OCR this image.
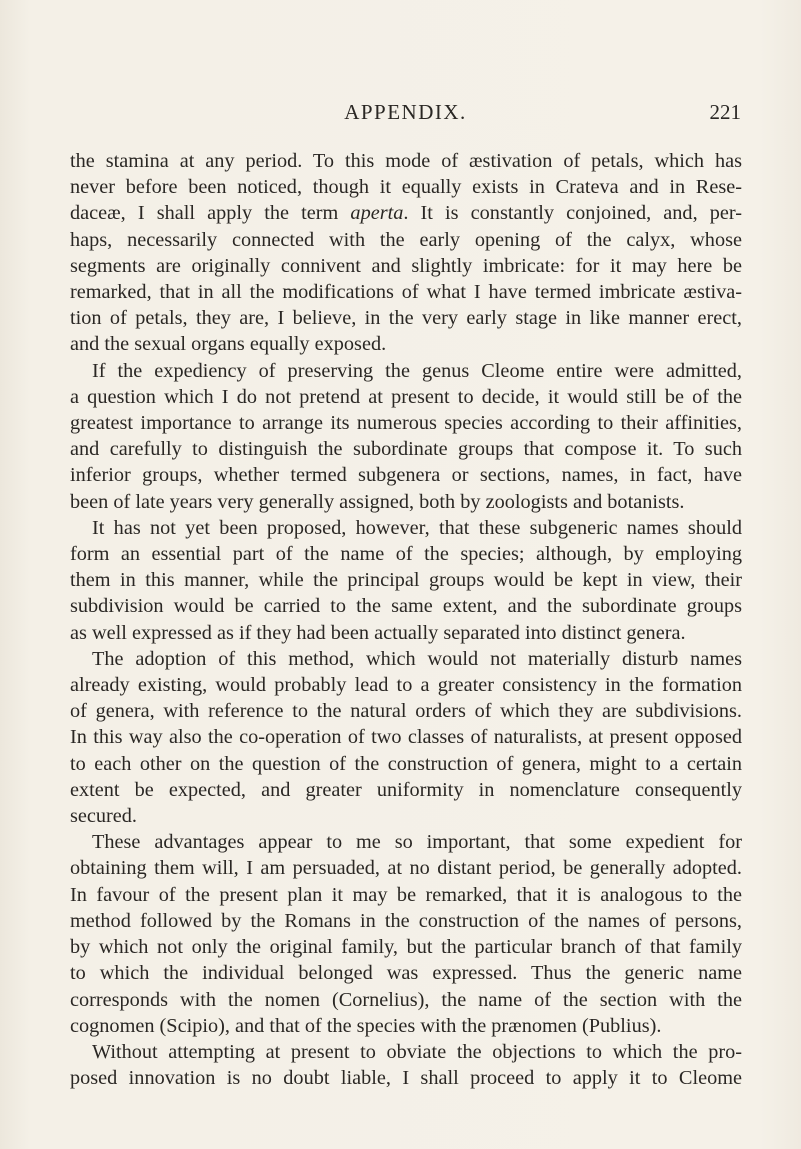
APPENDIX.	221
the stamina at any period. To this mode of æstivation of petals, which has
never before been noticed, though it equally exists in Crateva and in Rese-
daceæ, I shall apply the term aperta. It is constantly conjoined, and, per-
haps, necessarily connected with the early opening of the calyx, whose
segments are originally connivent and slightly imbricate: for it may here be
remarked, that in all the modifications of what I have termed imbricate æstiva-
tion of petals, they are, I believe, in the very early stage in like manner erect,
and the sexual organs equally exposed.
If the expediency of preserving the genus Cleome entire were admitted,
a question which I do not pretend at present to decide, it would still be of the
greatest importance to arrange its numerous species according to their affinities,
and carefully to distinguish the subordinate groups that compose it. To such
inferior groups, whether termed subgenera or sections, names, in fact, have
been of late years very generally assigned, both by zoologists and botanists.
It has not yet been proposed, however, that these subgeneric names should
form an essential part of the name of the species; although, by employing
them in this manner, while the principal groups would be kept in view, their
subdivision would be carried to the same extent, and the subordinate groups
as well expressed as if they had been actually separated into distinct genera.
The adoption of this method, which would not materially disturb names
already existing, would probably lead to a greater consistency in the formation
of genera, with reference to the natural orders of which they are subdivisions.
In this way also the co-operation of two classes of naturalists, at present opposed
to each other on the question of the construction of genera, might to a certain
extent be expected, and greater uniformity in nomenclature consequently
secured.
These advantages appear to me so important, that some expedient for
obtaining them will, I am persuaded, at no distant period, be generally adopted.
In favour of the present plan it may be remarked, that it is analogous to the
method followed by the Romans in the construction of the names of persons,
by which not only the original family, but the particular branch of that family
to which the individual belonged was expressed. Thus the generic name
corresponds with the nomen (Cornelius), the name of the section with the
cognomen (Scipio), and that of the species with the prænomen (Publius).
Without attempting at present to obviate the objections to which the pro-
posed innovation is no doubt liable, I shall proceed to apply it to Cleome
